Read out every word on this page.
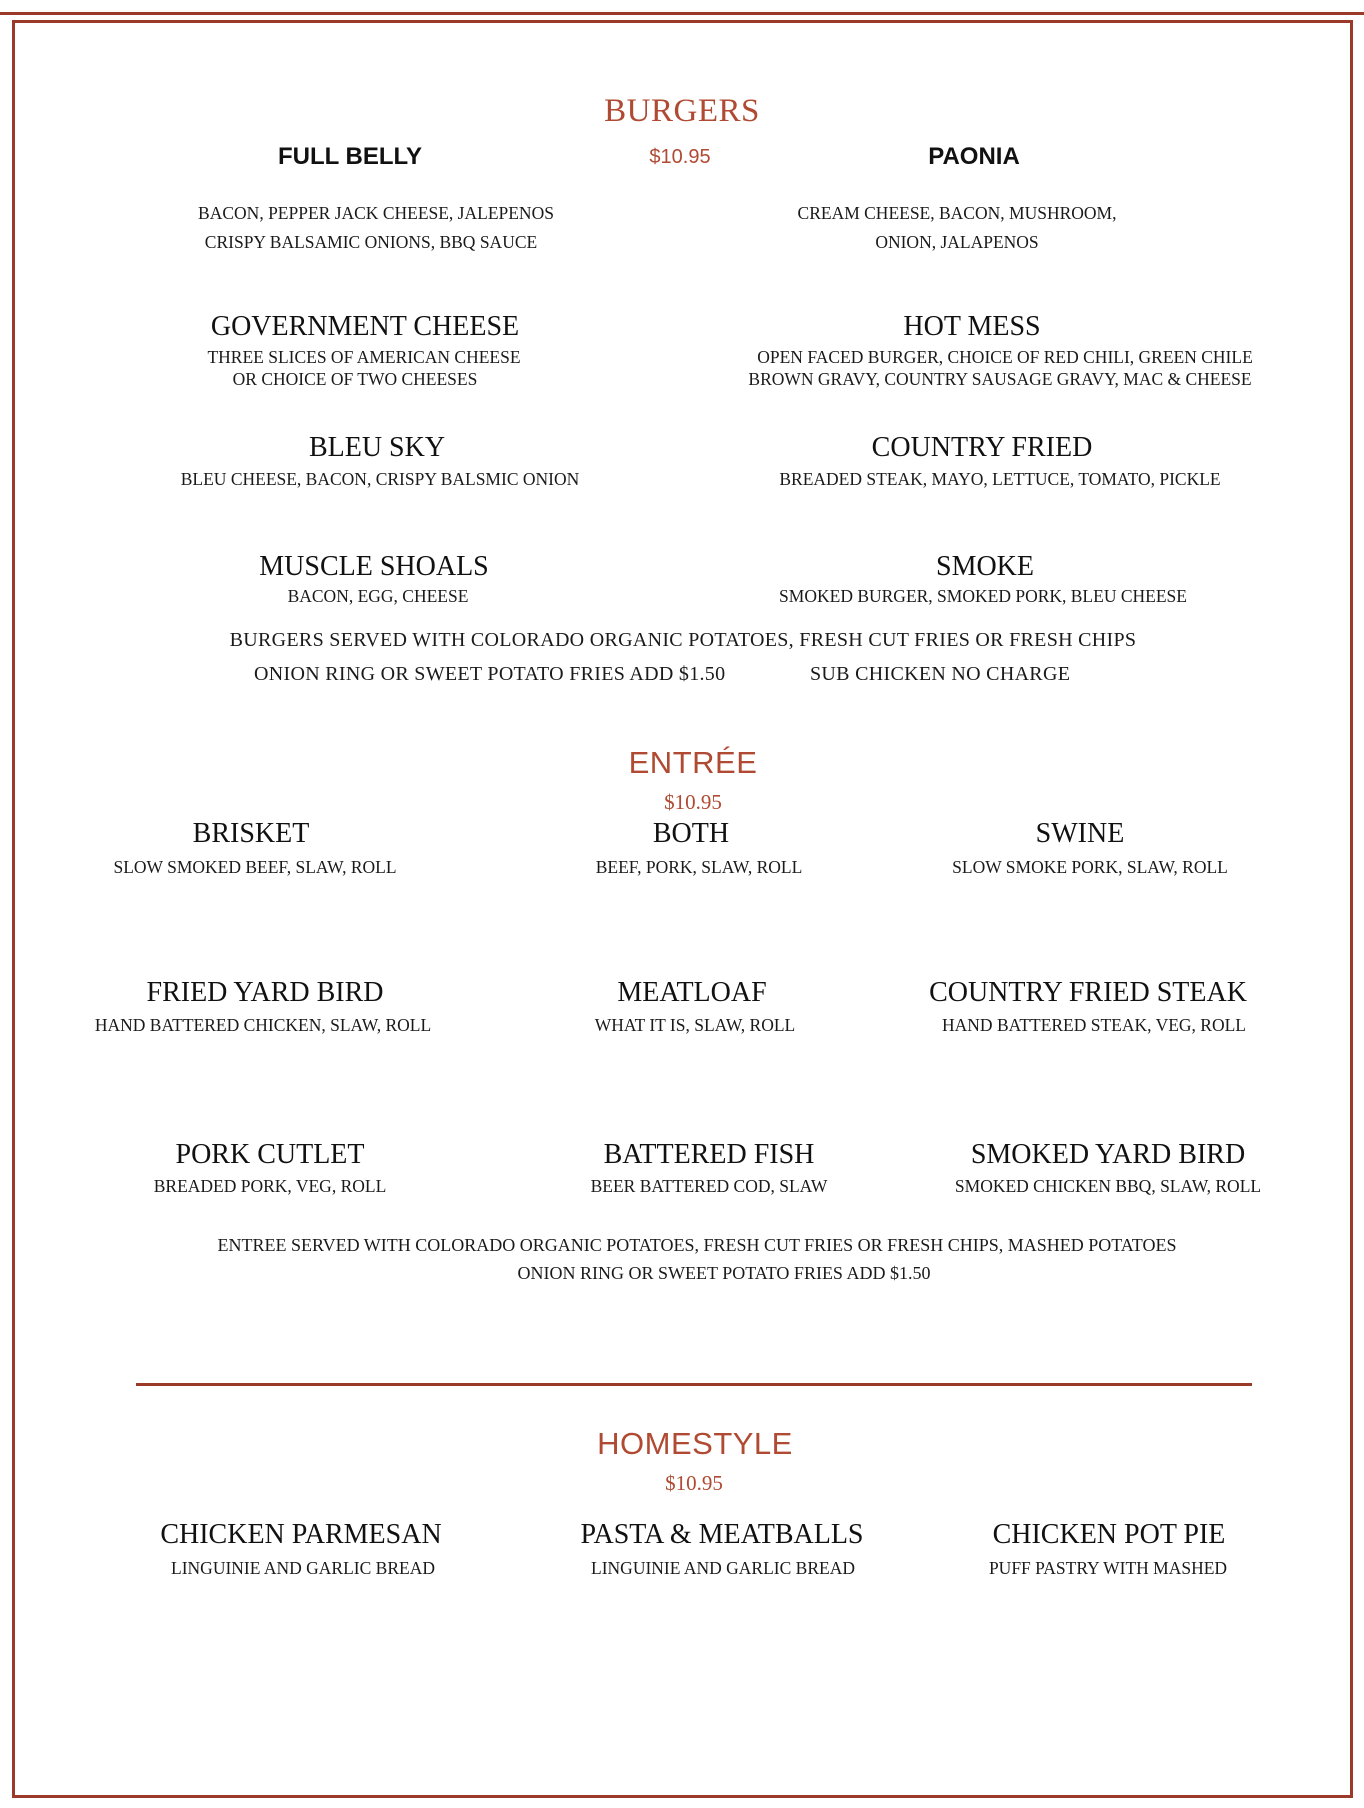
BURGERS
$10.95
FULL BELLY
BACON, PEPPER JACK CHEESE, JALEPENOS
CRISPY BALSAMIC ONIONS, BBQ SAUCE
PAONIA
CREAM CHEESE, BACON, MUSHROOM,
ONION, JALAPENOS
GOVERNMENT CHEESE
THREE SLICES OF AMERICAN CHEESE
OR CHOICE OF TWO CHEESES
HOT MESS
OPEN FACED BURGER, CHOICE OF RED CHILI, GREEN CHILE
BROWN GRAVY, COUNTRY SAUSAGE GRAVY, MAC & CHEESE
BLEU SKY
BLEU CHEESE, BACON, CRISPY BALSMIC ONION
COUNTRY FRIED
BREADED STEAK, MAYO, LETTUCE, TOMATO, PICKLE
MUSCLE SHOALS
BACON, EGG, CHEESE
SMOKE
SMOKED BURGER, SMOKED PORK, BLEU CHEESE
BURGERS SERVED WITH COLORADO ORGANIC POTATOES, FRESH CUT FRIES OR FRESH CHIPS
ONION RING OR SWEET POTATO FRIES ADD $1.50	SUB CHICKEN NO CHARGE
ENTRÉE
$10.95
BRISKET
SLOW SMOKED BEEF, SLAW, ROLL
BOTH
BEEF, PORK, SLAW, ROLL
SWINE
SLOW SMOKE PORK, SLAW, ROLL
FRIED YARD BIRD
HAND BATTERED CHICKEN, SLAW, ROLL
MEATLOAF
WHAT IT IS, SLAW, ROLL
COUNTRY FRIED STEAK
HAND BATTERED STEAK, VEG, ROLL
PORK CUTLET
BREADED PORK, VEG, ROLL
BATTERED FISH
BEER BATTERED COD, SLAW
SMOKED YARD BIRD
SMOKED CHICKEN BBQ, SLAW, ROLL
ENTREE SERVED WITH COLORADO ORGANIC POTATOES, FRESH CUT FRIES OR FRESH CHIPS, MASHED POTATOES
ONION RING OR SWEET POTATO FRIES ADD $1.50
HOMESTYLE
$10.95
CHICKEN PARMESAN
LINGUINIE AND GARLIC BREAD
PASTA & MEATBALLS
LINGUINIE AND GARLIC BREAD
CHICKEN POT PIE
PUFF PASTRY WITH MASHED
